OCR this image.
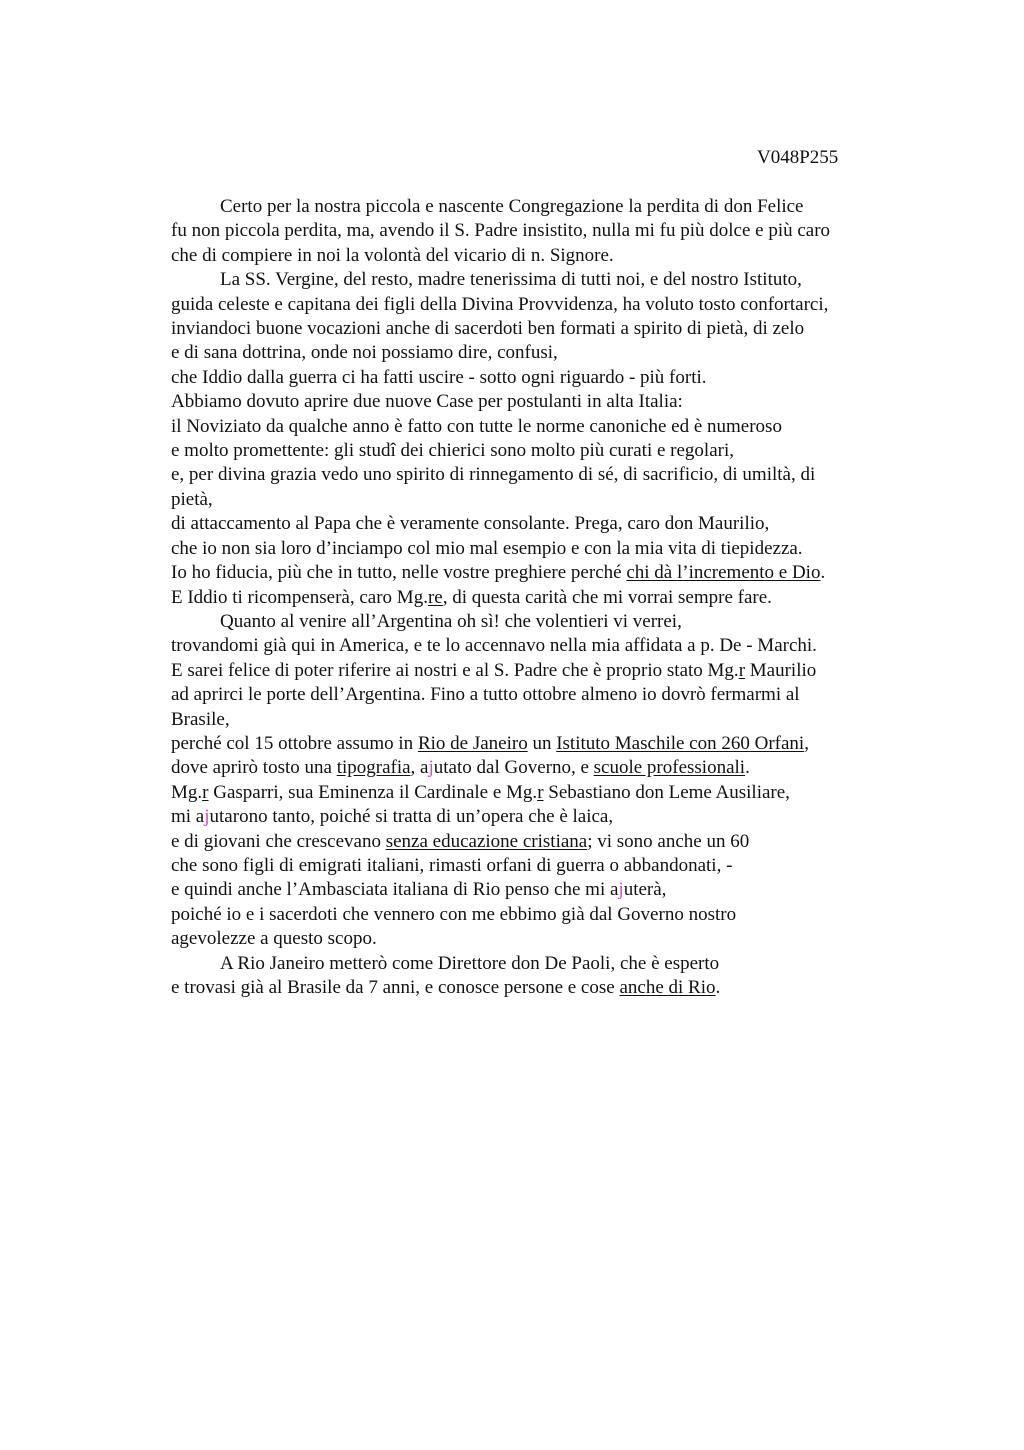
V048P255
Certo per la nostra piccola e nascente Congregazione la perdita di don Felice
fu non piccola perdita, ma, avendo il S. Padre insistito, nulla mi fu più dolce e più caro
che di compiere in noi la volontà del vicario di n. Signore.
La SS. Vergine, del resto, madre tenerissima di tutti noi, e del nostro Istituto,
guida celeste e capitana dei figli della Divina Provvidenza, ha voluto tosto confortarci,
inviandoci buone vocazioni anche di sacerdoti ben formati a spirito di pietà, di zelo
e di sana dottrina, onde noi possiamo dire, confusi,
che Iddio dalla guerra ci ha fatti uscire - sotto ogni riguardo - più forti.
Abbiamo dovuto aprire due nuove Case per postulanti in alta Italia:
il Noviziato da qualche anno è fatto con tutte le norme canoniche ed è numeroso
e molto promettente: gli studî dei chierici sono molto più curati e regolari,
e, per divina grazia vedo uno spirito di rinnegamento di sé, di sacrificio, di umiltà, di
pietà,
di attaccamento al Papa che è veramente consolante. Prega, caro don Maurilio,
che io non sia loro d’inciampo col mio mal esempio e con la mia vita di tiepidezza.
Io ho fiducia, più che in tutto, nelle vostre preghiere perché chi dà l’incremento e Dio.
E Iddio ti ricompenserà, caro Mg.re, di questa carità che mi vorrai sempre fare.
Quanto al venire all’Argentina oh sì! che volentieri vi verrei,
trovandomi già qui in America, e te lo accennavo nella mia affidata a p. De - Marchi.
E sarei felice di poter riferire ai nostri e al S. Padre che è proprio stato Mg.r Maurilio
ad aprirci le porte dell’Argentina. Fino a tutto ottobre almeno io dovrò fermarmi al
Brasile,
perché col 15 ottobre assumo in Rio de Janeiro un Istituto Maschile con 260 Orfani,
dove aprirò tosto una tipografia, ajutato dal Governo, e scuole professionali.
Mg.r Gasparri, sua Eminenza il Cardinale e Mg.r Sebastiano don Leme Ausiliare,
mi ajutarono tanto, poiché si tratta di un’opera che è laica,
e di giovani che crescevano senza educazione cristiana; vi sono anche un 60
che sono figli di emigrati italiani, rimasti orfani di guerra o abbandonati, -
e quindi anche l’Ambasciata italiana di Rio penso che mi ajuterà,
poiché io e i sacerdoti che vennero con me ebbimo già dal Governo nostro
agevolezze a questo scopo.
A Rio Janeiro metterò come Direttore don De Paoli, che è esperto
e trovasi già al Brasile da 7 anni, e conosce persone e cose anche di Rio.
